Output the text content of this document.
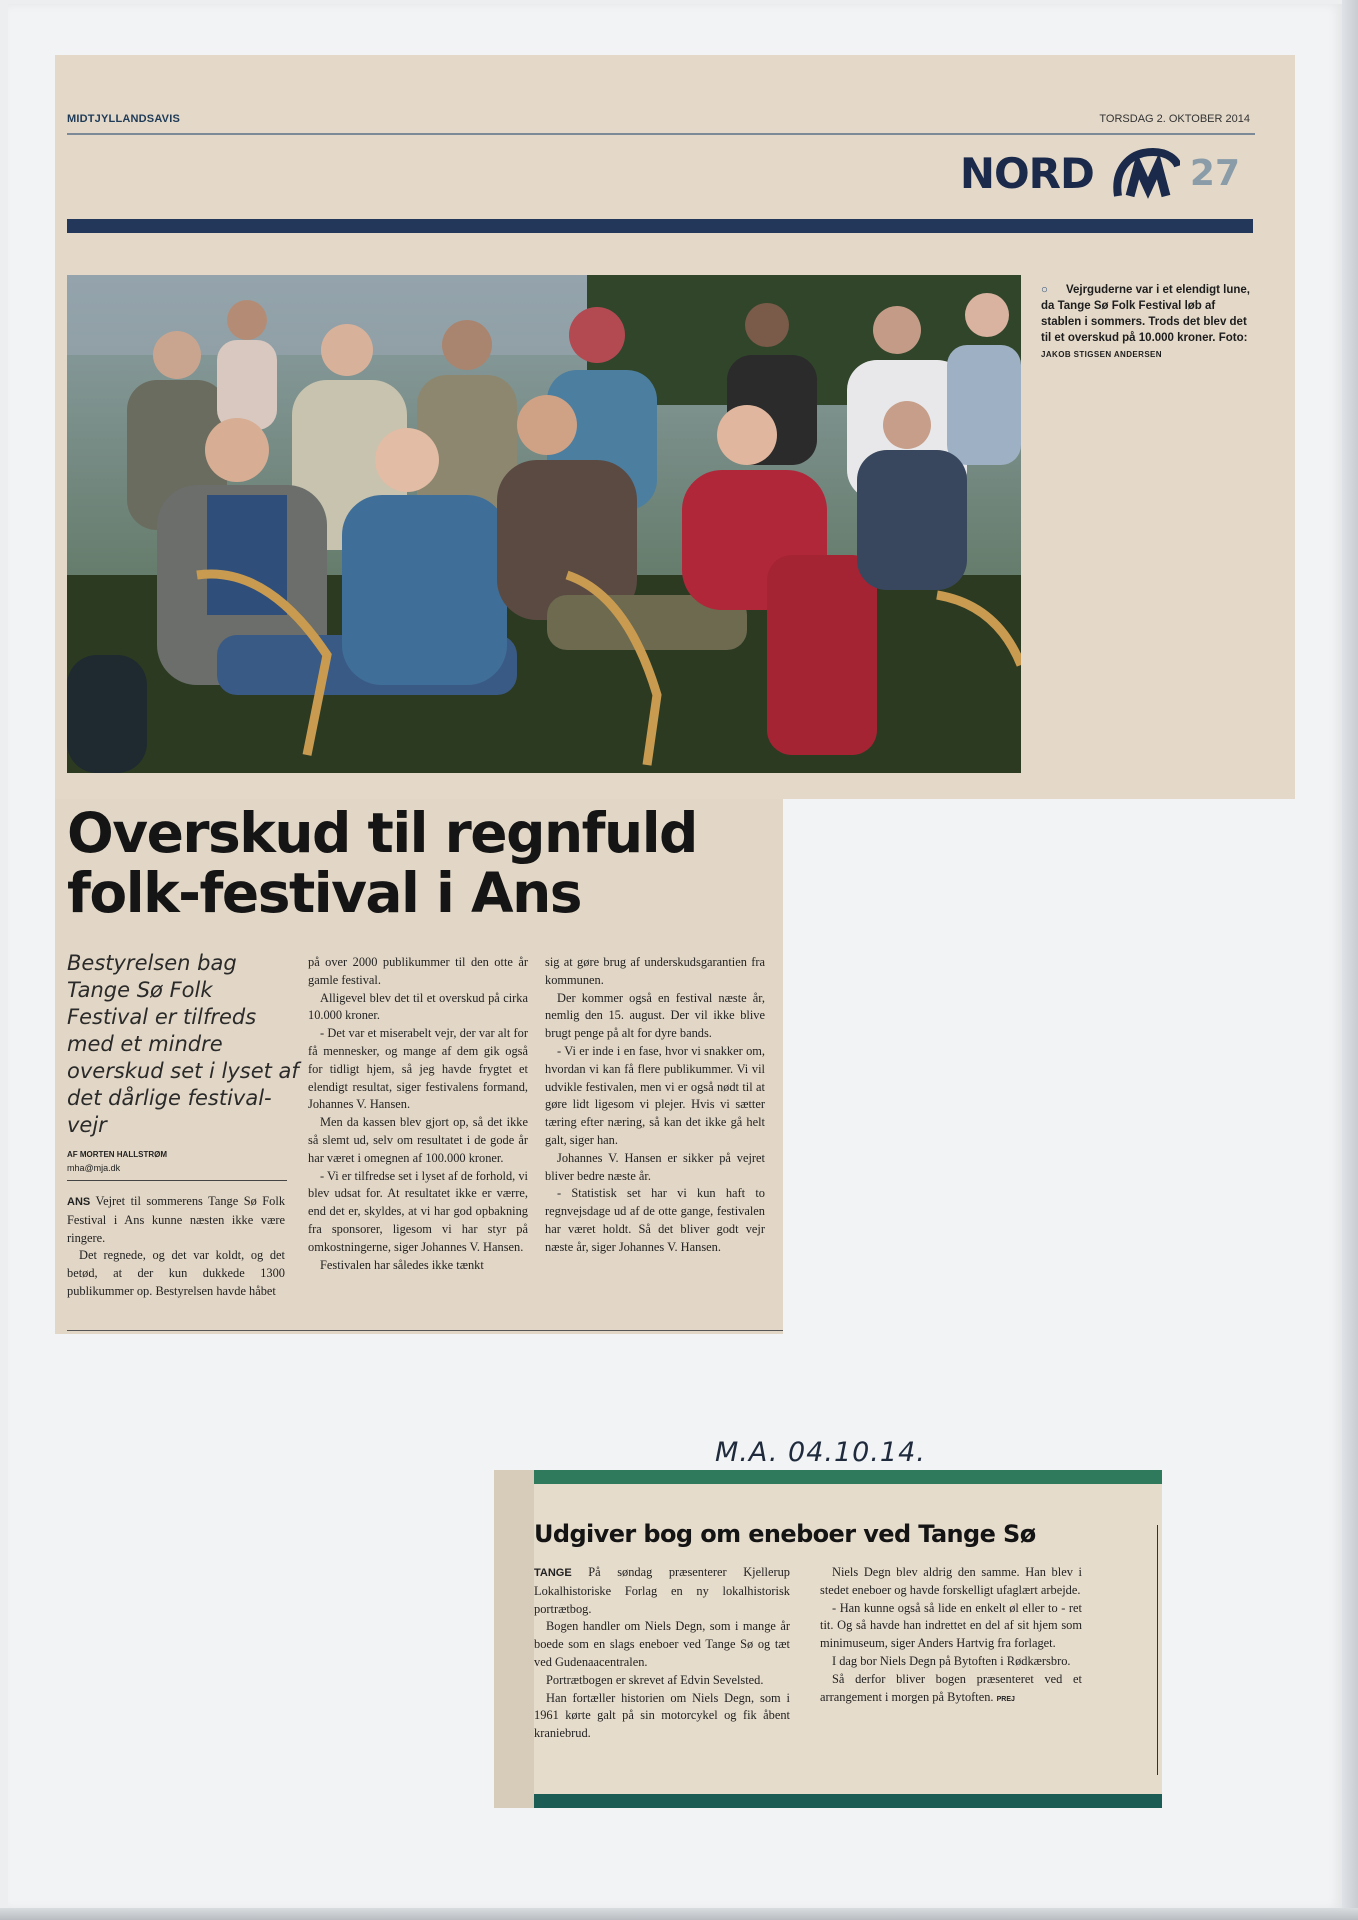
MIDTJYLLANDSAVIS	TORSDAG 2. OKTOBER 2014
NORD	27
○ Vejrguderne var i et elendigt lune, da Tange Sø Folk Festival løb af stablen i sommers. Trods det blev det til et overskud på 10.000 kroner. Foto: JAKOB STIGSEN ANDERSEN
Overskud til regnfuld folk-festival i Ans
Bestyrelsen bag Tange Sø Folk Festival er tilfreds med et mindre overskud set i lyset af det dårlige festival-vejr
AF MORTEN HALLSTRØM
mha@mja.dk

ANS Vejret til sommerens Tange Sø Folk Festival i Ans kunne næsten ikke være ringere.

Det regnede, og det var koldt, og det betød, at der kun dukkede 1300 publikummer op. Bestyrelsen havde håbet

på over 2000 publikummer til den otte år gamle festival.

Alligevel blev det til et overskud på cirka 10.000 kroner.

- Det var et miserabelt vejr, der var alt for få mennesker, og mange af dem gik også for tidligt hjem, så jeg havde frygtet et elendigt resultat, siger festivalens formand, Johannes V. Hansen.

Men da kassen blev gjort op, så det ikke så slemt ud, selv om resultatet i de gode år har været i omegnen af 100.000 kroner.

- Vi er tilfredse set i lyset af de forhold, vi blev udsat for. At resultatet ikke er værre, end det er, skyldes, at vi har god opbakning fra sponsorer, ligesom vi har styr på omkostningerne, siger Johannes V. Hansen.

Festivalen har således ikke tænkt

sig at gøre brug af underskudsgarantien fra kommunen.

Der kommer også en festival næste år, nemlig den 15. august. Der vil ikke blive brugt penge på alt for dyre bands.

- Vi er inde i en fase, hvor vi snakker om, hvordan vi kan få flere publikummer. Vi vil udvikle festivalen, men vi er også nødt til at gøre lidt ligesom vi plejer. Hvis vi sætter tæring efter næring, så kan det ikke gå helt galt, siger han.

Johannes V. Hansen er sikker på vejret bliver bedre næste år.

- Statistisk set har vi kun haft to regnvejsdage ud af de otte gange, festivalen har været holdt. Så det bliver godt vejr næste år, siger Johannes V. Hansen.

M.A. 04.10.14.
Udgiver bog om eneboer ved Tange Sø

TANGE På søndag præsenterer Kjellerup Lokalhistoriske Forlag en ny lokalhistorisk portrætbog.

Bogen handler om Niels Degn, som i mange år boede som en slags eneboer ved Tange Sø og tæt ved Gudenaacentralen.

Portrætbogen er skrevet af Edvin Sevelsted.

Han fortæller historien om Niels Degn, som i 1961 kørte galt på sin motorcykel og fik åbent kraniebrud.

Niels Degn blev aldrig den samme. Han blev i stedet eneboer og havde forskelligt ufaglært arbejde.

- Han kunne også så lide en enkelt øl eller to - ret tit. Og så havde han indrettet en del af sit hjem som minimuseum, siger Anders Hartvig fra forlaget.

I dag bor Niels Degn på Bytoften i Rødkærsbro.

Så derfor bliver bogen præsenteret ved et arrangement i morgen på Bytoften. PREJ
